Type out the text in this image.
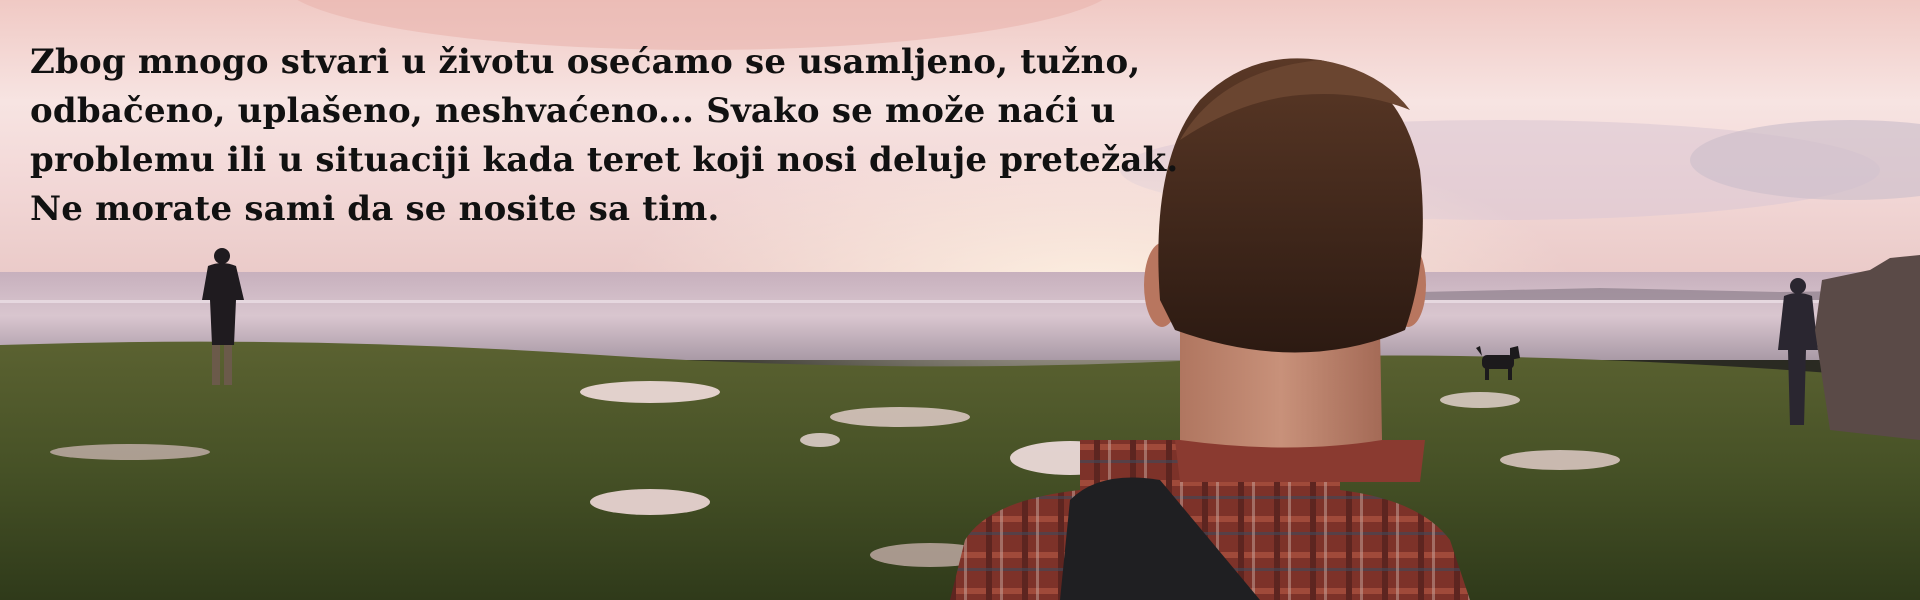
Zbog mnogo stvari u životu osećamo se usamljeno, tužno,
odbačeno, uplašeno, neshvaćeno... Svako se može naći u
problemu ili u situaciji kada teret koji nosi deluje pretežak.
Ne morate sami da se nosite sa tim.
